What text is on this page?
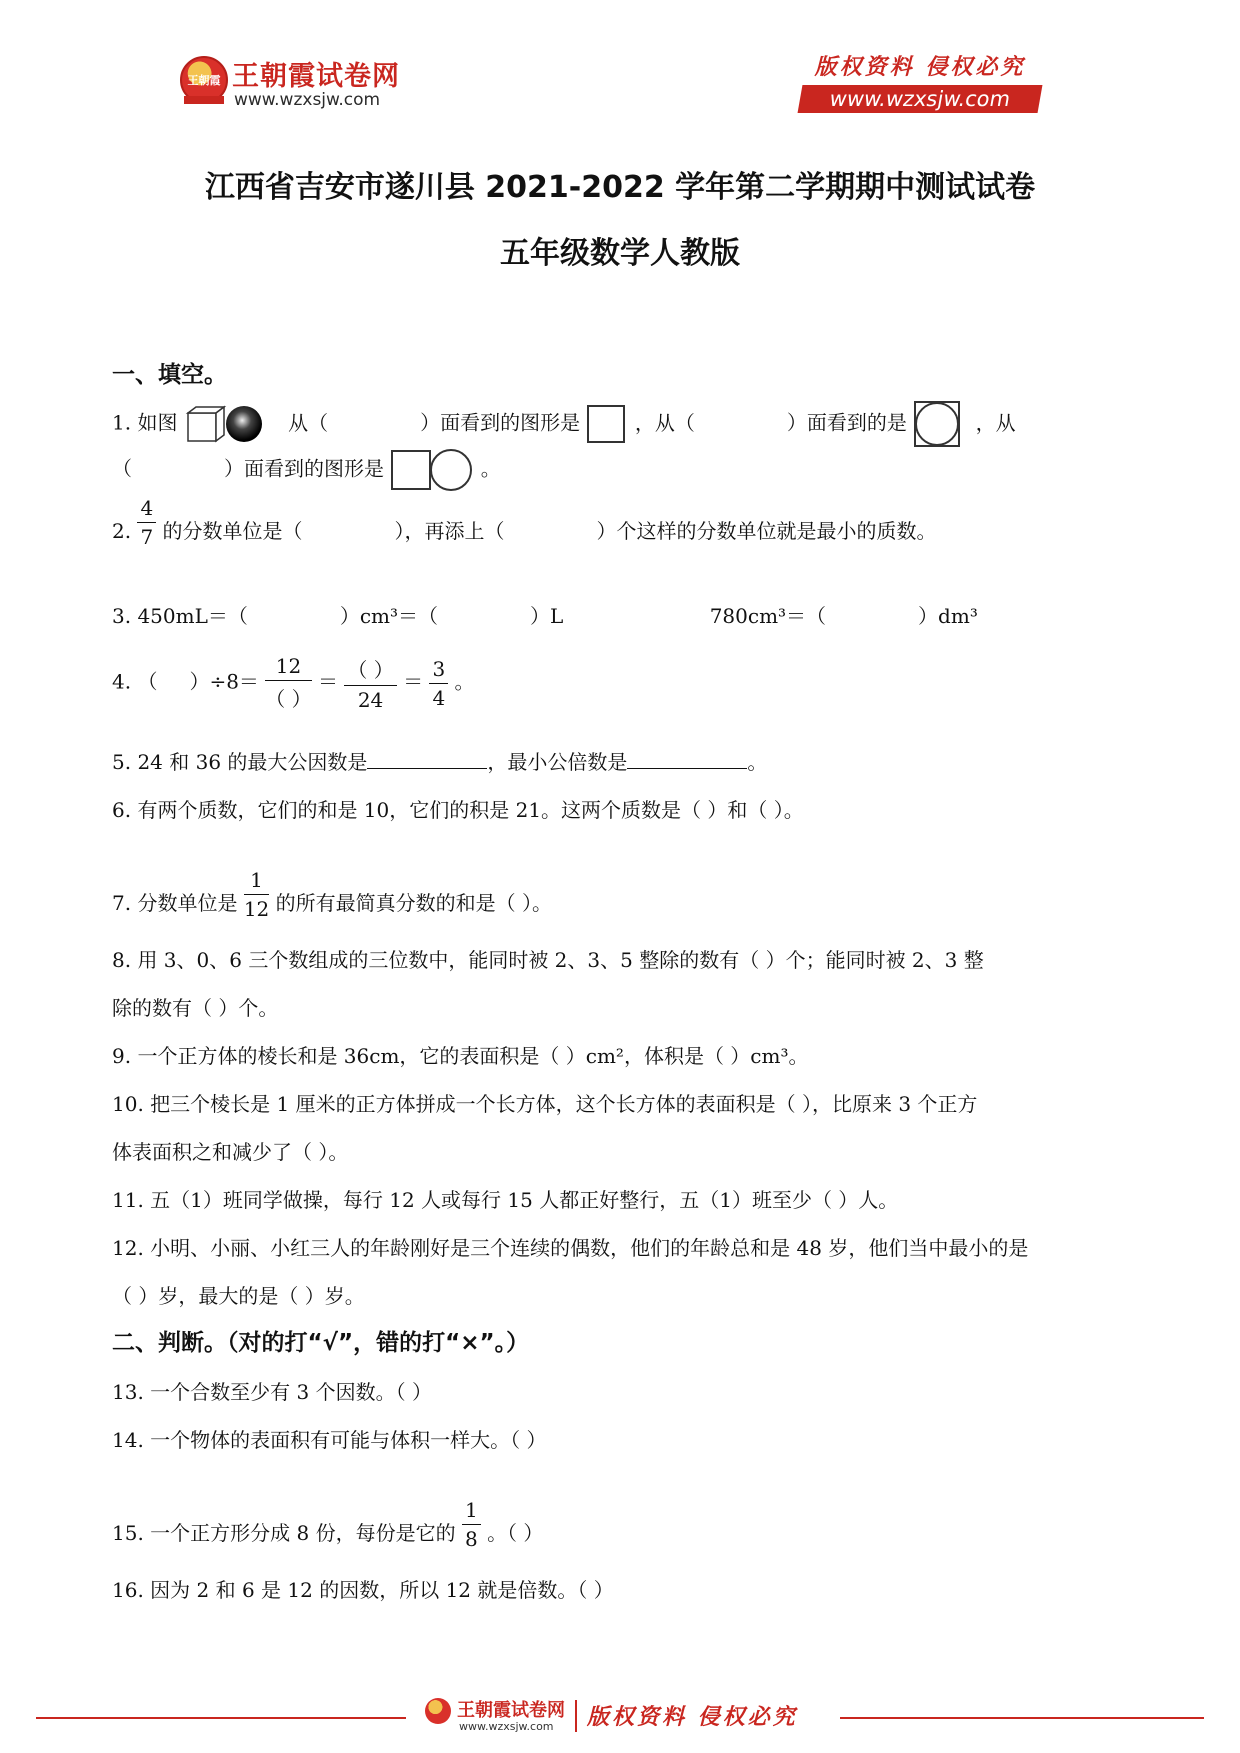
王朝霞 王朝霞试卷网
www.wzxsjw.com
版权资料 侵权必究
www.wzxsjw.com
江西省吉安市遂川县 2021-2022 学年第二学期期中测试试卷
五年级数学人教版
一、填空。
1. 如图	从（	）面看到的图形是	，从（	）面看到的是	，从
（	）面看到的图形是	。
2. $\frac{4}{7}$ 的分数单位是（	），再添上（	）个这样的分数单位就是最小的质数。
3. 450mL＝（	）cm³＝（	）L	780cm³＝（	）dm³
4. （ ）$\div 8= \frac{12}{( )} = \frac{( )}{24} = \frac{3}{4}$ 。
5. 24 和 36 的最大公因数是	，最小公倍数是	。
6. 有两个质数，它们的和是 10，它们的积是 21。这两个质数是（ ）和（ ）。
7. 分数单位是 $\frac{1}{12}$ 的所有最简真分数的和是（ ）。
8. 用 3、0、6 三个数组成的三位数中，能同时被 2、3、5 整除的数有（ ）个；能同时被 2、3 整
除的数有（ ）个。
9. 一个正方体的棱长和是 36cm，它的表面积是（ ）cm²，体积是（ ）cm³。
10. 把三个棱长是 1 厘米的正方体拼成一个长方体，这个长方体的表面积是（ ），比原来 3 个正方
体表面积之和减少了（ ）。
11. 五（1）班同学做操，每行 12 人或每行 15 人都正好整行，五（1）班至少（ ）人。
12. 小明、小丽、小红三人的年龄刚好是三个连续的偶数，他们的年龄总和是 48 岁，他们当中最小的是
（ ）岁，最大的是（ ）岁。
二、判断。（对的打“√”，错的打“×”。）
13. 一个合数至少有 3 个因数。（ ）
14. 一个物体的表面积有可能与体积一样大。（ ）
15. 一个正方形分成 8 份，每份是它的 $\frac{1}{8}$ 。（ ）
16. 因为 2 和 6 是 12 的因数，所以 12 就是倍数。（ ）
王朝霞试卷网
www.wzxsjw.com 版权资料 侵权必究
